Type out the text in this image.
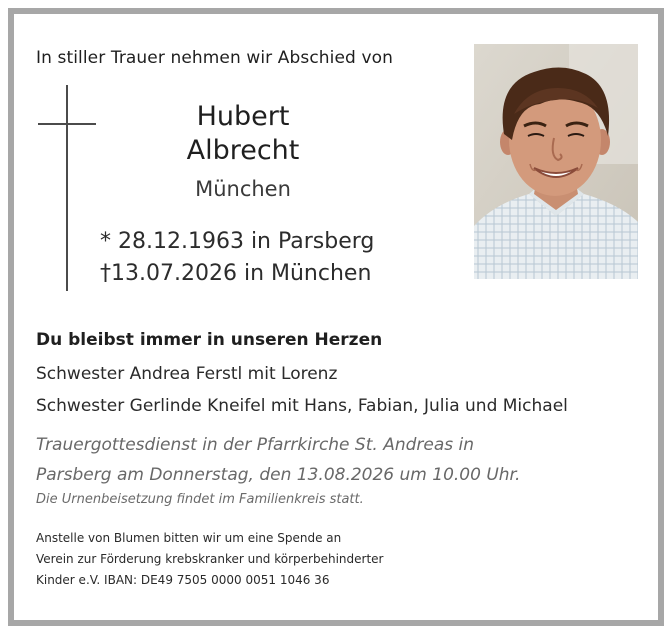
In stiller Trauer nehmen wir Abschied von
Hubert
Albrecht
München
* 28.12.1963 in Parsberg
†13.07.2026 in München
Du bleibst immer in unseren Herzen
Schwester Andrea Ferstl mit Lorenz
Schwester Gerlinde Kneifel mit Hans, Fabian, Julia und Michael
Trauergottesdienst in der Pfarrkirche St. Andreas in
Parsberg am Donnerstag, den 13.08.2026 um 10.00 Uhr.
Die Urnenbeisetzung findet im Familienkreis statt.
Anstelle von Blumen bitten wir um eine Spende an
Verein zur Förderung krebskranker und körperbehinderter
Kinder e.V. IBAN: DE49 7505 0000 0051 1046 36
